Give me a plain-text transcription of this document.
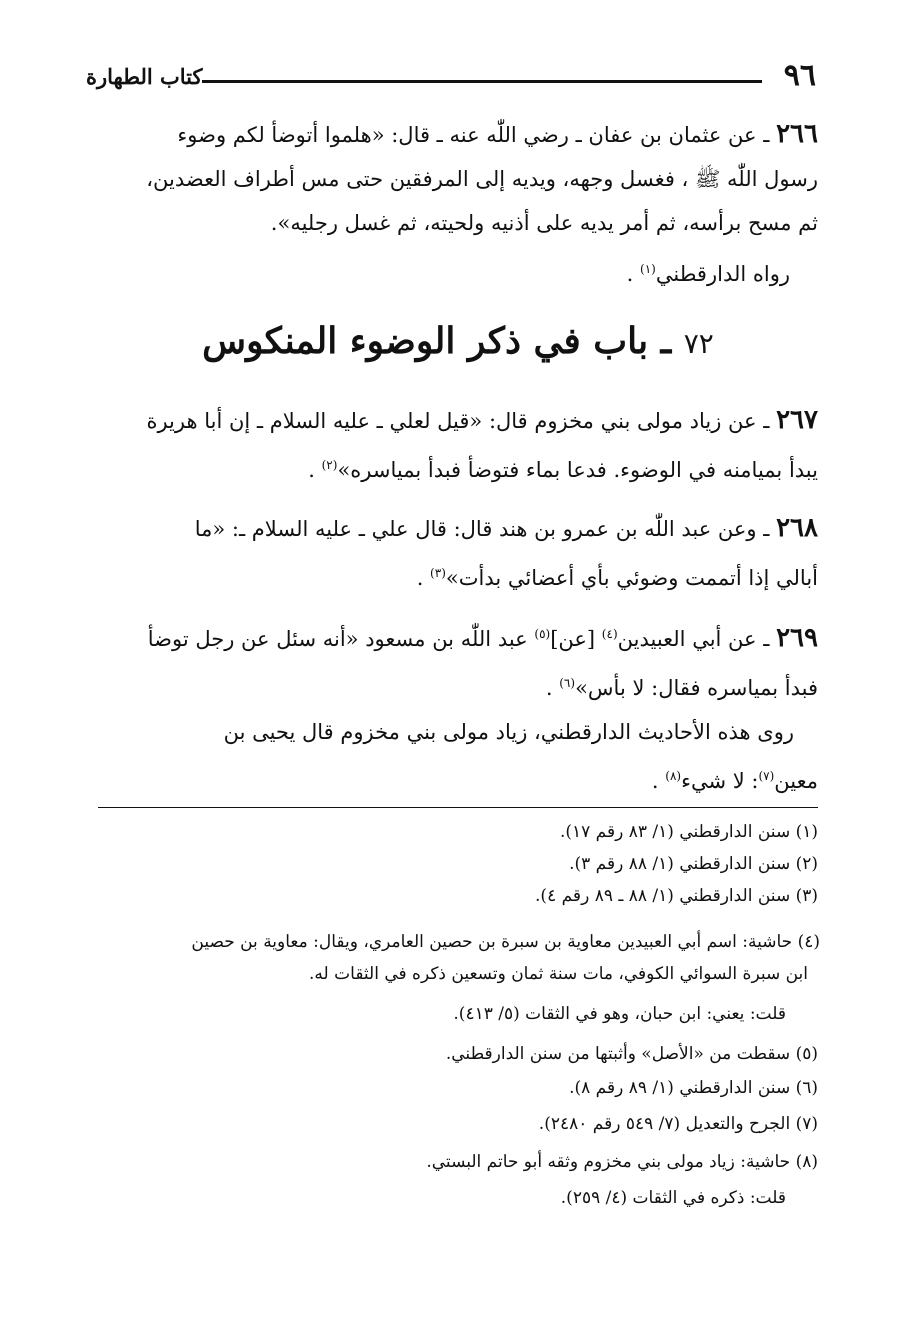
٩٦
كتاب الطهارة
٢٦٦ ـ عن عثمان بن عفان ـ رضي اللّٰه عنه ـ قال: «هلموا أتوضأ لكم وضوء
رسول اللّٰه ﷺ ، فغسل وجهه، ويديه إلى المرفقين حتى مس أطراف العضدين،
ثم مسح برأسه، ثم أمر يديه على أذنيه ولحيته، ثم غسل رجليه».
رواه الدارقطني$^{(١)}$ .
٧٢ ـ باب في ذكر الوضوء المنكوس
٢٦٧ ـ عن زياد مولى بني مخزوم قال: «قيل لعلي ـ عليه السلام ـ إن أبا هريرة
يبدأ بميامنه في الوضوء. فدعا بماء فتوضأ فبدأ بمياسره»$^{(٢)}$ .
٢٦٨ ـ وعن عبد اللّٰه بن عمرو بن هند قال: قال علي ـ عليه السلام ـ: «ما
أبالي إذا أتممت وضوئي بأي أعضائي بدأت»$^{(٣)}$ .
٢٦٩ ـ عن أبي العبيدين$^{(٤)}$ [عن]$^{(٥)}$ عبد اللّٰه بن مسعود «أنه سئل عن رجل توضأ
فبدأ بمياسره فقال: لا بأس»$^{(٦)}$ .
روى هذه الأحاديث الدارقطني، زياد مولى بني مخزوم قال يحيى بن
معين$^{(٧)}$: لا شيء$^{(٨)}$ .
(١) سنن الدارقطني (١/ ٨٣ رقم ١٧).
(٢) سنن الدارقطني (١/ ٨٨ رقم ٣).
(٣) سنن الدارقطني (١/ ٨٨ ـ ٨٩ رقم ٤).
(٤) حاشية: اسم أبي العبيدين معاوية بن سبرة بن حصين العامري، ويقال: معاوية بن حصين
ابن سبرة السوائي الكوفي، مات سنة ثمان وتسعين ذكره في الثقات له.
قلت: يعني: ابن حبان، وهو في الثقات (٥/ ٤١٣).
(٥) سقطت من «الأصل» وأثبتها من سنن الدارقطني.
(٦) سنن الدارقطني (١/ ٨٩ رقم ٨).
(٧) الجرح والتعديل (٧/ ٥٤٩ رقم ٢٤٨٠).
(٨) حاشية: زياد مولى بني مخزوم وثقه أبو حاتم البستي.
قلت: ذكره في الثقات (٤/ ٢٥٩).
